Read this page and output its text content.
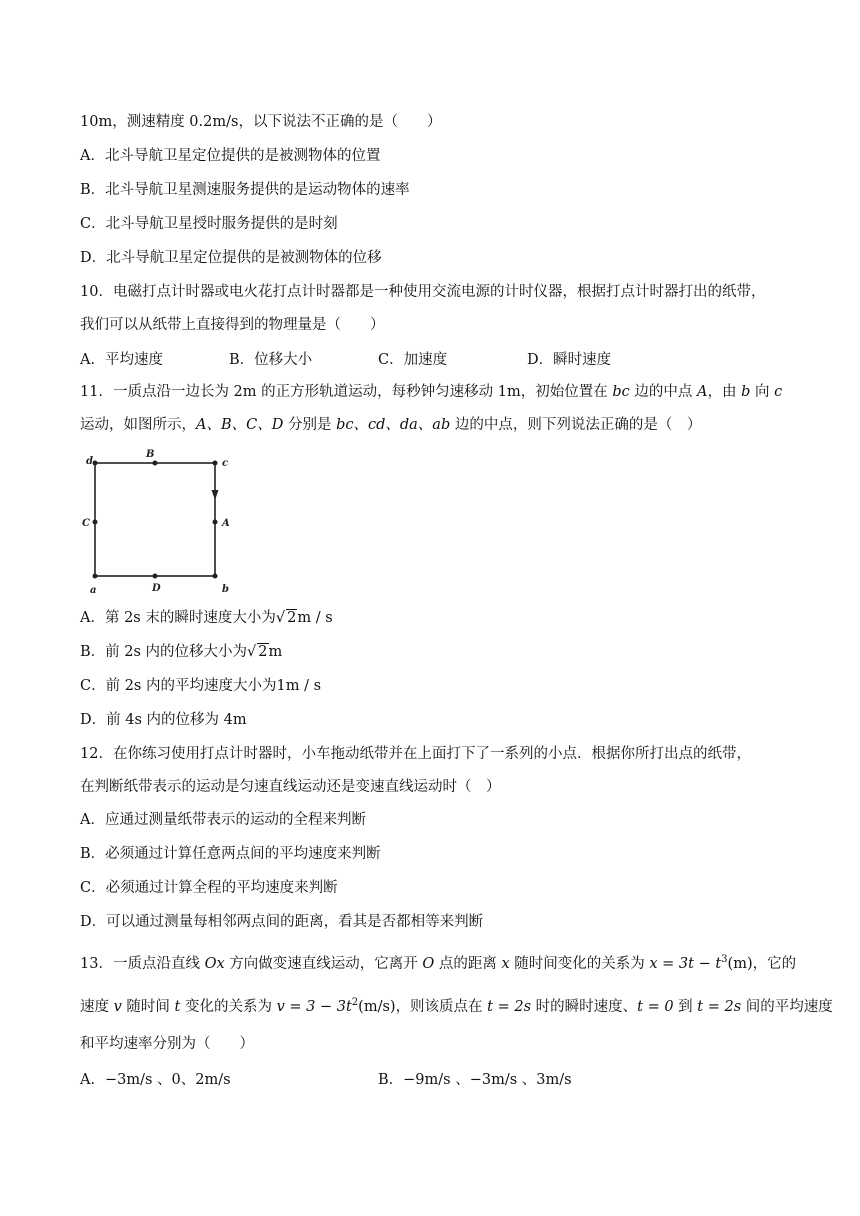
10m，测速精度 0.2m/s，以下说法不正确的是（　　）
A．北斗导航卫星定位提供的是被测物体的位置
B．北斗导航卫星测速服务提供的是运动物体的速率
C．北斗导航卫星授时服务提供的是时刻
D．北斗导航卫星定位提供的是被测物体的位移
10．电磁打点计时器或电火花打点计时器都是一种使用交流电源的计时仪器，根据打点计时器打出的纸带，
我们可以从纸带上直接得到的物理量是（　　）
A．平均速度	B．位移大小	C．加速度	D．瞬时速度
11．一质点沿一边长为 2m 的正方形轨道运动，每秒钟匀速移动 1m，初始位置在 bc 边的中点 A，由 b 向 c
运动，如图所示，A、B、C、D 分别是 bc、cd、da、ab 边的中点，则下列说法正确的是（　）
d
B
c
C	A
a	D	b
A．第 2s 末的瞬时速度大小为√ 2m / s
B．前 2s 内的位移大小为√ 2m
C．前 2s 内的平均速度大小为1m / s
D．前 4s 内的位移为 4m
12．在你练习使用打点计时器时，小车拖动纸带并在上面打下了一系列的小点．根据你所打出点的纸带，
在判断纸带表示的运动是匀速直线运动还是变速直线运动时（　）
A．应通过测量纸带表示的运动的全程来判断
B．必须通过计算任意两点间的平均速度来判断
C．必须通过计算全程的平均速度来判断
D．可以通过测量每相邻两点间的距离，看其是否都相等来判断
13．一质点沿直线 Ox 方向做变速直线运动，它离开 O 点的距离 x 随时间变化的关系为 $x = 3t - t^3(m)$，它的
速度 v 随时间 t 变化的关系为 $v = 3 - 3t^2(m/s)$，则该质点在 t = 2s 时的瞬时速度、t = 0 到 t = 2s 间的平均速度
和平均速率分别为（　　）
A．−3m/s 、0、2m/s	B．−9m/s 、−3m/s 、3m/s
